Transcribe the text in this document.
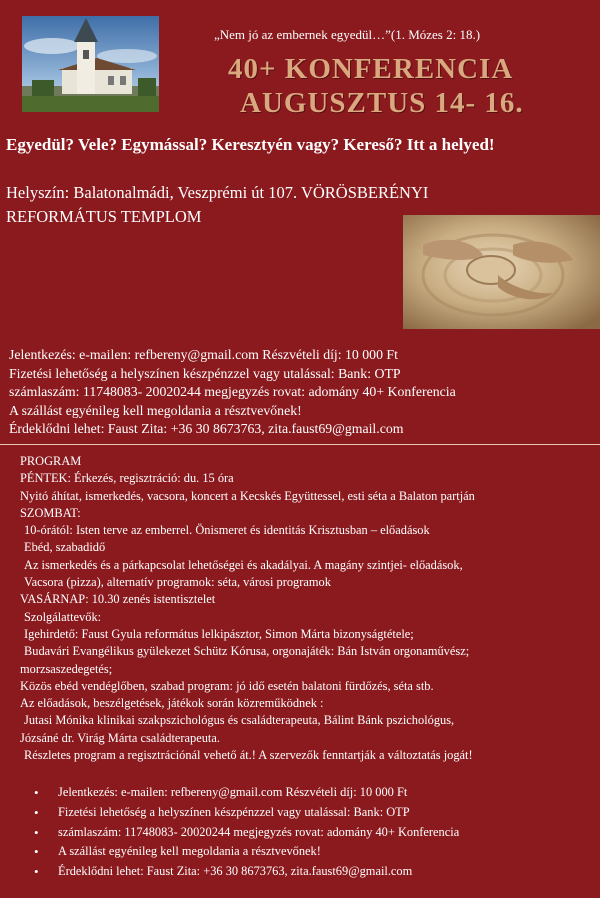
„Nem jó az embernek egyedül…”(1. Mózes 2: 18.)
40+ KONFERENCIA
AUGUSZTUS 14- 16.
Egyedül? Vele? Egymással? Keresztyén vagy? Kereső? Itt a helyed!
Helyszín: Balatonalmádi, Veszprémi út 107. VÖRÖSBERÉNYI
REFORMÁTUS TEMPLOM
Jelentkezés: e-mailen: refbereny@gmail.com Részvételi díj: 10 000 Ft
Fizetési lehetőség a helyszínen készpénzzel vagy utalással: Bank: OTP
számlaszám: 11748083- 20020244 megjegyzés rovat: adomány 40+ Konferencia
A szállást egyénileg kell megoldania a résztvevőnek!
Érdeklődni lehet: Faust Zita: +36 30 8673763, zita.faust69@gmail.com
PROGRAM
PÉNTEK: Érkezés, regisztráció: du. 15 óra
Nyitó áhítat, ismerkedés, vacsora, koncert a Kecskés Együttessel, esti séta a Balaton partján
SZOMBAT:
10-órától: Isten terve az emberrel. Önismeret és identitás Krisztusban – előadások
Ebéd, szabadidő
Az ismerkedés és a párkapcsolat lehetőségei és akadályai. A magány szintjei- előadások,
Vacsora (pizza), alternatív programok: séta, városi programok
VASÁRNAP: 10.30 zenés istentisztelet
Szolgálattevők:
Igehirdető: Faust Gyula református lelkipásztor, Simon Márta bizonyságtétele;
Budavári Evangélikus gyülekezet Schütz Kórusa, orgonajáték: Bán István orgonaművész;
morzsaszedegetés;
Közös ebéd vendéglőben, szabad program: jó idő esetén balatoni fürdőzés, séta stb.
Az előadások, beszélgetések, játékok során közreműködnek :
Jutasi Mónika klinikai szakpszichológus és családterapeuta, Bálint Bánk pszichológus,
Józsáné dr. Virág Márta családterapeuta.
Részletes program a regisztrációnál vehető át.! A szervezők fenntartják a változtatás jogát!
• Jelentkezés: e-mailen: refbereny@gmail.com Részvételi díj: 10 000 Ft
• Fizetési lehetőség a helyszínen készpénzzel vagy utalással: Bank: OTP
• számlaszám: 11748083- 20020244 megjegyzés rovat: adomány 40+ Konferencia
• A szállást egyénileg kell megoldania a résztvevőnek!
• Érdeklődni lehet: Faust Zita: +36 30 8673763, zita.faust69@gmail.com
